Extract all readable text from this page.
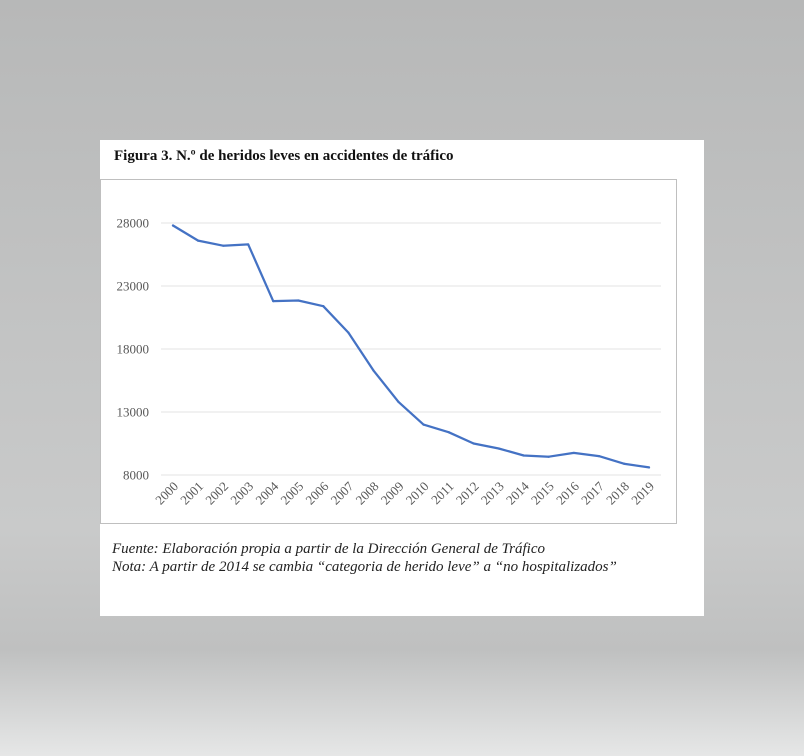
Figura 3. N.º de heridos leves en accidentes de tráfico
8000
13000
18000
23000
28000
2000
2001
2002
2003
2004
2005
2006
2007
2008
2009
2010
2011
2012
2013
2014
2015
2016
2017
2018
2019
Fuente: Elaboración propia a partir de la Dirección General de Tráfico
Nota: A partir de 2014 se cambia “categoria de herido leve” a “no hospitalizados”
